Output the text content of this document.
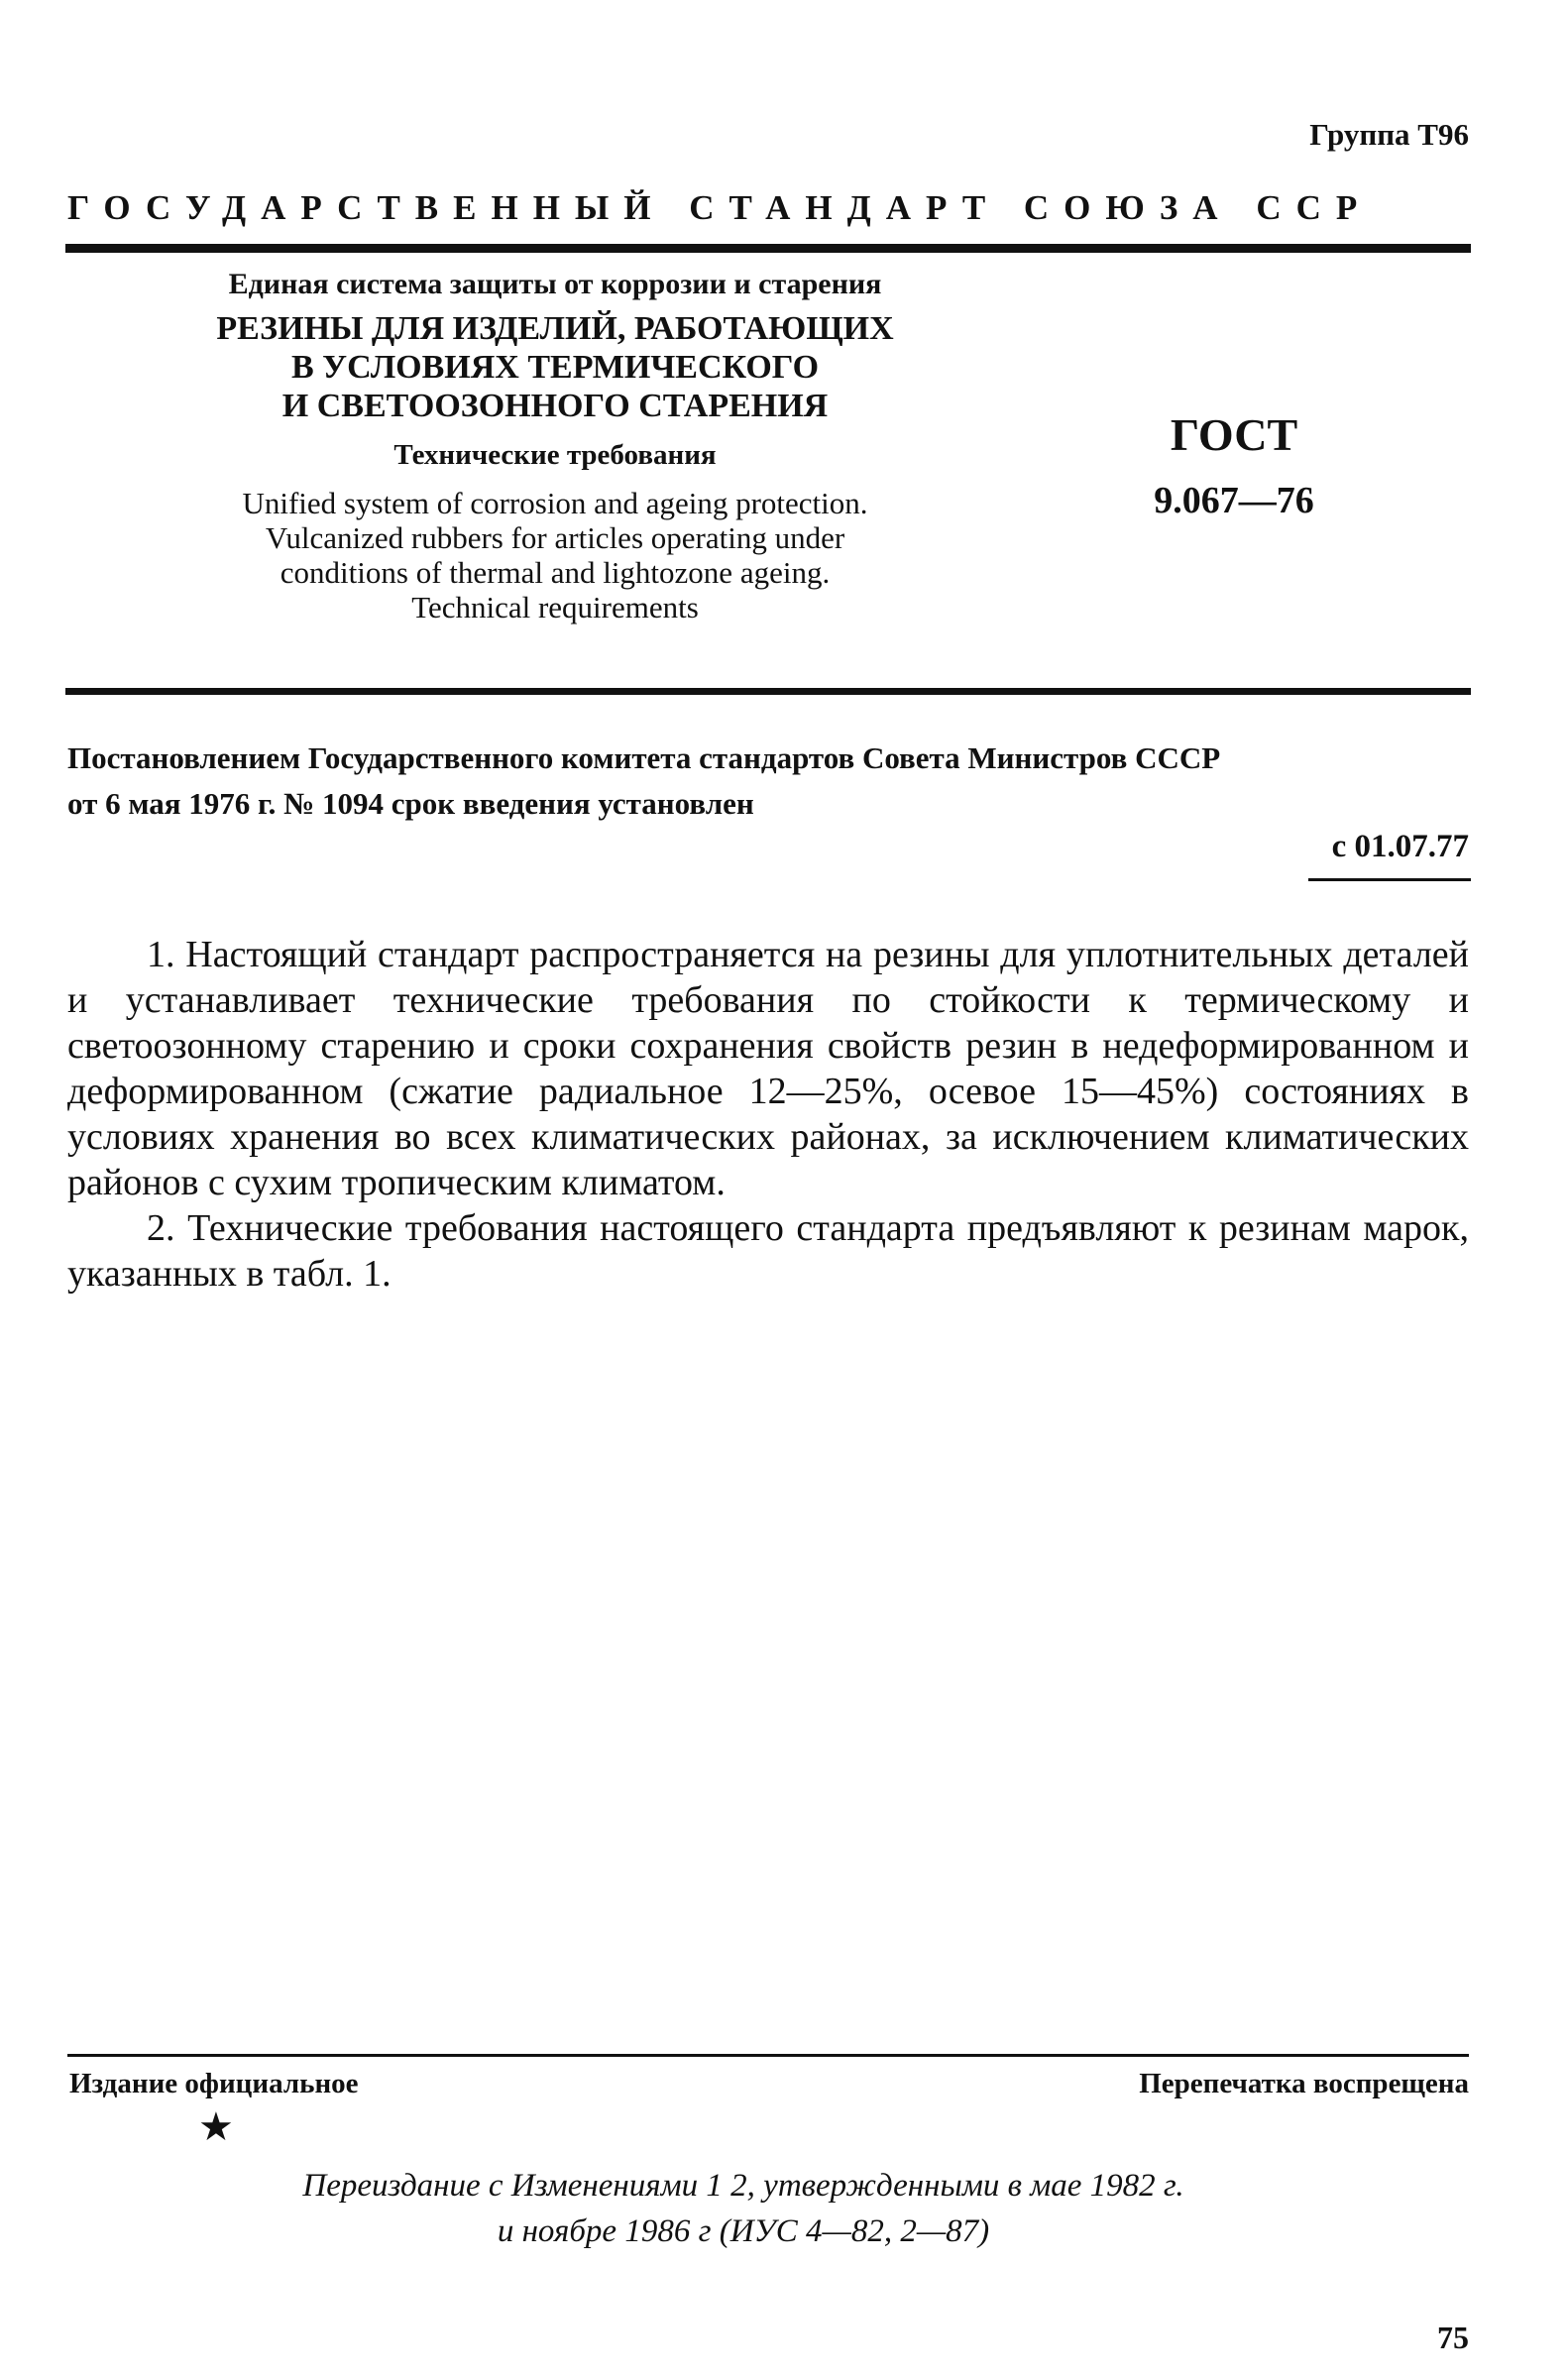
Группа Т96
ГОСУДАРСТВЕННЫЙ СТАНДАРТ СОЮЗА ССР
Единая система защиты от коррозии и старения
РЕЗИНЫ ДЛЯ ИЗДЕЛИЙ, РАБОТАЮЩИХ
В УСЛОВИЯХ ТЕРМИЧЕСКОГО
И СВЕТООЗОННОГО СТАРЕНИЯ
Технические требования
Unified system of corrosion and ageing protection.
Vulcanized rubbers for articles operating under
conditions of thermal and lightozone ageing.
Technical requirements
ГОСТ
9.067—76
Постановлением Государственного комитета стандартов Совета Министров СССР
от 6 мая 1976 г. № 1094 срок введения установлен
с 01.07.77

1. Настоящий стандарт распространяется на резины для уплотнительных деталей и устанавливает технические требования по стойкости к термическому и светоозонному старению и сроки сохранения свойств резин в недеформированном и деформированном (сжатие радиальное 12—25%, осевое 15—45%) состояниях в условиях хранения во всех климатических районах, за исключением климатических районов с сухим тропическим климатом.

2. Технические требования настоящего стандарта предъявляют к резинам марок, указанных в табл. 1.

Издание официальное	Перепечатка воспрещена
★
Переиздание с Изменениями 1 2, утвержденными в мае 1982 г.
и ноябре 1986 г (ИУС 4—82, 2—87)
75
